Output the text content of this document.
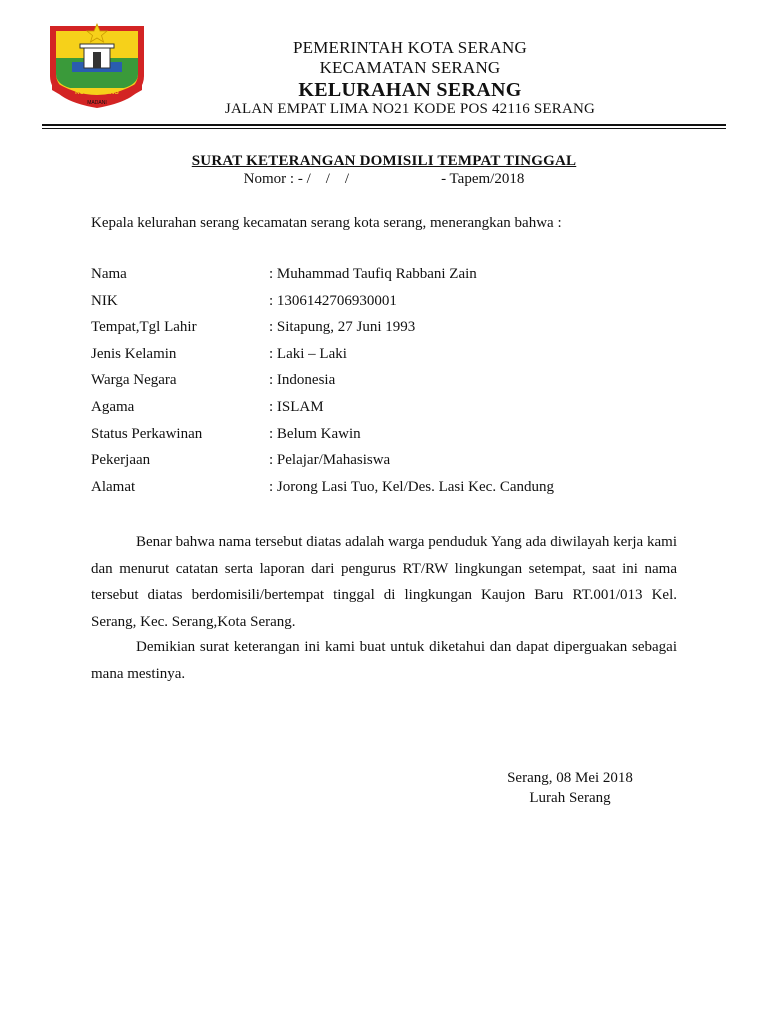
KOTA SERANG
MADANI
PEMERINTAH KOTA SERANG
KECAMATAN SERANG
KELURAHAN SERANG
JALAN EMPAT LIMA NO21 KODE POS 42116 SERANG
SURAT KETERANGAN DOMISILI TEMPAT TINGGAL
Nomor : - /    /    /	- Tapem/2018
Kepala kelurahan serang kecamatan serang kota serang, menerangkan bahwa :
Nama	: Muhammad Taufiq Rabbani Zain
NIK	: 1306142706930001
Tempat,Tgl Lahir	: Sitapung, 27 Juni 1993
Jenis Kelamin	: Laki – Laki
Warga Negara	: Indonesia
Agama	: ISLAM
Status Perkawinan	: Belum Kawin
Pekerjaan	: Pelajar/Mahasiswa
Alamat	: Jorong Lasi Tuo, Kel/Des. Lasi Kec. Candung
Benar bahwa nama tersebut diatas adalah warga penduduk Yang ada diwilayah kerja kami dan menurut catatan serta laporan dari pengurus RT/RW lingkungan setempat, saat ini nama tersebut diatas berdomisili/bertempat tinggal di lingkungan Kaujon Baru RT.001/013 Kel. Serang, Kec. Serang,Kota Serang.
Demikian surat keterangan ini kami buat untuk diketahui dan dapat diperguakan sebagai mana mestinya.
Serang, 08 Mei 2018
Lurah Serang
